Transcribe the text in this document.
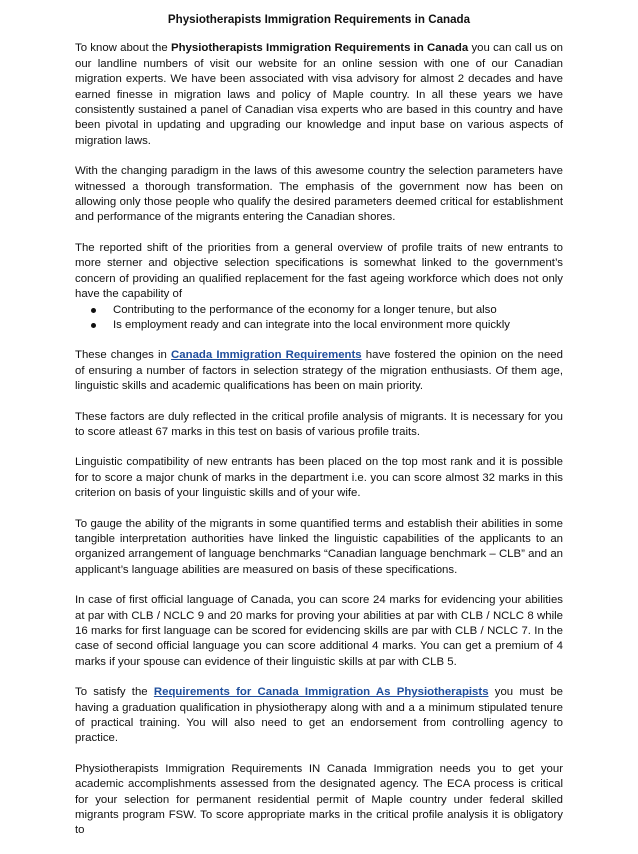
Physiotherapists Immigration Requirements in Canada

To know about the Physiotherapists Immigration Requirements in Canada you can call us on our landline numbers of visit our website for an online session with one of our Canadian migration experts. We have been associated with visa advisory for almost 2 decades and have earned finesse in migration laws and policy of Maple country. In all these years we have consistently sustained a panel of Canadian visa experts who are based in this country and have been pivotal in updating and upgrading our knowledge and input base on various aspects of migration laws.

With the changing paradigm in the laws of this awesome country the selection parameters have witnessed a thorough transformation. The emphasis of the government now has been on allowing only those people who qualify the desired parameters deemed critical for establishment and performance of the migrants entering the Canadian shores.

The reported shift of the priorities from a general overview of profile traits of new entrants to more sterner and objective selection specifications is somewhat linked to the government’s concern of providing an qualified replacement for the fast ageing workforce which does not only have the capability of

Contributing to the performance of the economy for a longer tenure, but also
Is employment ready and can integrate into the local environment more quickly

These changes in Canada Immigration Requirements have fostered the opinion on the need of ensuring a number of factors in selection strategy of the migration enthusiasts. Of them age, linguistic skills and academic qualifications has been on main priority.

These factors are duly reflected in the critical profile analysis of migrants. It is necessary for you to score atleast 67 marks in this test on basis of various profile traits.

Linguistic compatibility of new entrants has been placed on the top most rank and it is possible for to score a major chunk of marks in the department i.e. you can score almost 32 marks in this criterion on basis of your linguistic skills and of your wife.

To gauge the ability of the migrants in some quantified terms and establish their abilities in some tangible interpretation authorities have linked the linguistic capabilities of the applicants to an organized arrangement of language benchmarks “Canadian language benchmark – CLB” and an applicant’s language abilities are measured on basis of these specifications.

In case of first official language of Canada, you can score 24 marks for evidencing your abilities at par with CLB / NCLC 9 and 20 marks for proving your abilities at par with CLB / NCLC 8 while 16 marks for first language can be scored for evidencing skills are par with CLB / NCLC 7. In the case of second official language you can score additional 4 marks. You can get a premium of 4 marks if your spouse can evidence of their linguistic skills at par with CLB 5.

To satisfy the Requirements for Canada Immigration As Physiotherapists you must be having a graduation qualification in physiotherapy along with and a a minimum stipulated tenure of practical training. You will also need to get an endorsement from controlling agency to practice.

Physiotherapists Immigration Requirements IN Canada Immigration needs you to get your academic accomplishments assessed from the designated agency. The ECA process is critical for your selection for permanent residential permit of Maple country under federal skilled migrants program FSW. To score appropriate marks in the critical profile analysis it is obligatory to
